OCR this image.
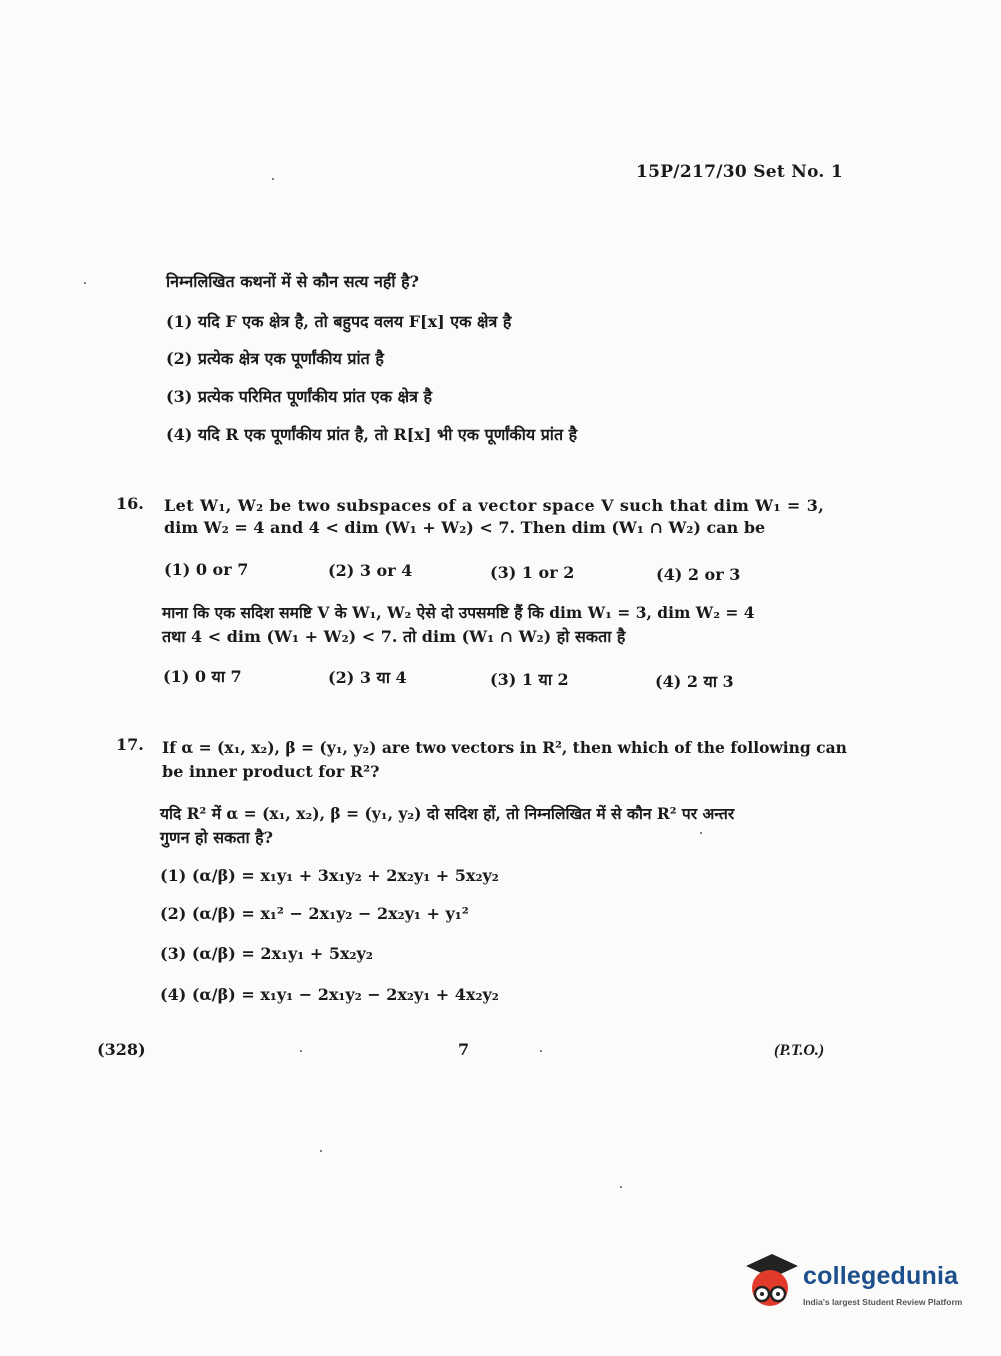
15P/217/30 Set No. 1
निम्नलिखित कथनों में से कौन सत्य नहीं है?
(1) यदि F एक क्षेत्र है, तो बहुपद वलय F[x] एक क्षेत्र है
(2) प्रत्येक क्षेत्र एक पूर्णांकीय प्रांत है
(3) प्रत्येक परिमित पूर्णांकीय प्रांत एक क्षेत्र है
(4) यदि R एक पूर्णांकीय प्रांत है, तो R[x] भी एक पूर्णांकीय प्रांत है
16. Let W₁, W₂ be two subspaces of a vector space V such that dim W₁ = 3,
dim W₂ = 4 and 4 < dim (W₁ + W₂) < 7. Then dim (W₁ ∩ W₂) can be
(1) 0 or 7	(2) 3 or 4	(3) 1 or 2	(4) 2 or 3
माना कि एक सदिश समष्टि V के W₁, W₂ ऐसे दो उपसमष्टि हैं कि dim W₁ = 3, dim W₂ = 4
तथा 4 < dim (W₁ + W₂) < 7. तो dim (W₁ ∩ W₂) हो सकता है
(1) 0 या 7	(2) 3 या 4	(3) 1 या 2	(4) 2 या 3
17. If α = (x₁, x₂), β = (y₁, y₂) are two vectors in R², then which of the following can
be inner product for R²?
यदि R² में α = (x₁, x₂), β = (y₁, y₂) दो सदिश हों, तो निम्नलिखित में से कौन R² पर अन्तर
गुणन हो सकता है?
(1) (α/β) = x₁y₁ + 3x₁y₂ + 2x₂y₁ + 5x₂y₂
(2) (α/β) = x₁² − 2x₁y₂ − 2x₂y₁ + y₁²
(3) (α/β) = 2x₁y₁ + 5x₂y₂
(4) (α/β) = x₁y₁ − 2x₁y₂ − 2x₂y₁ + 4x₂y₂
(328)	7	(P.T.O.)
collegedunia
India's largest Student Review Platform
